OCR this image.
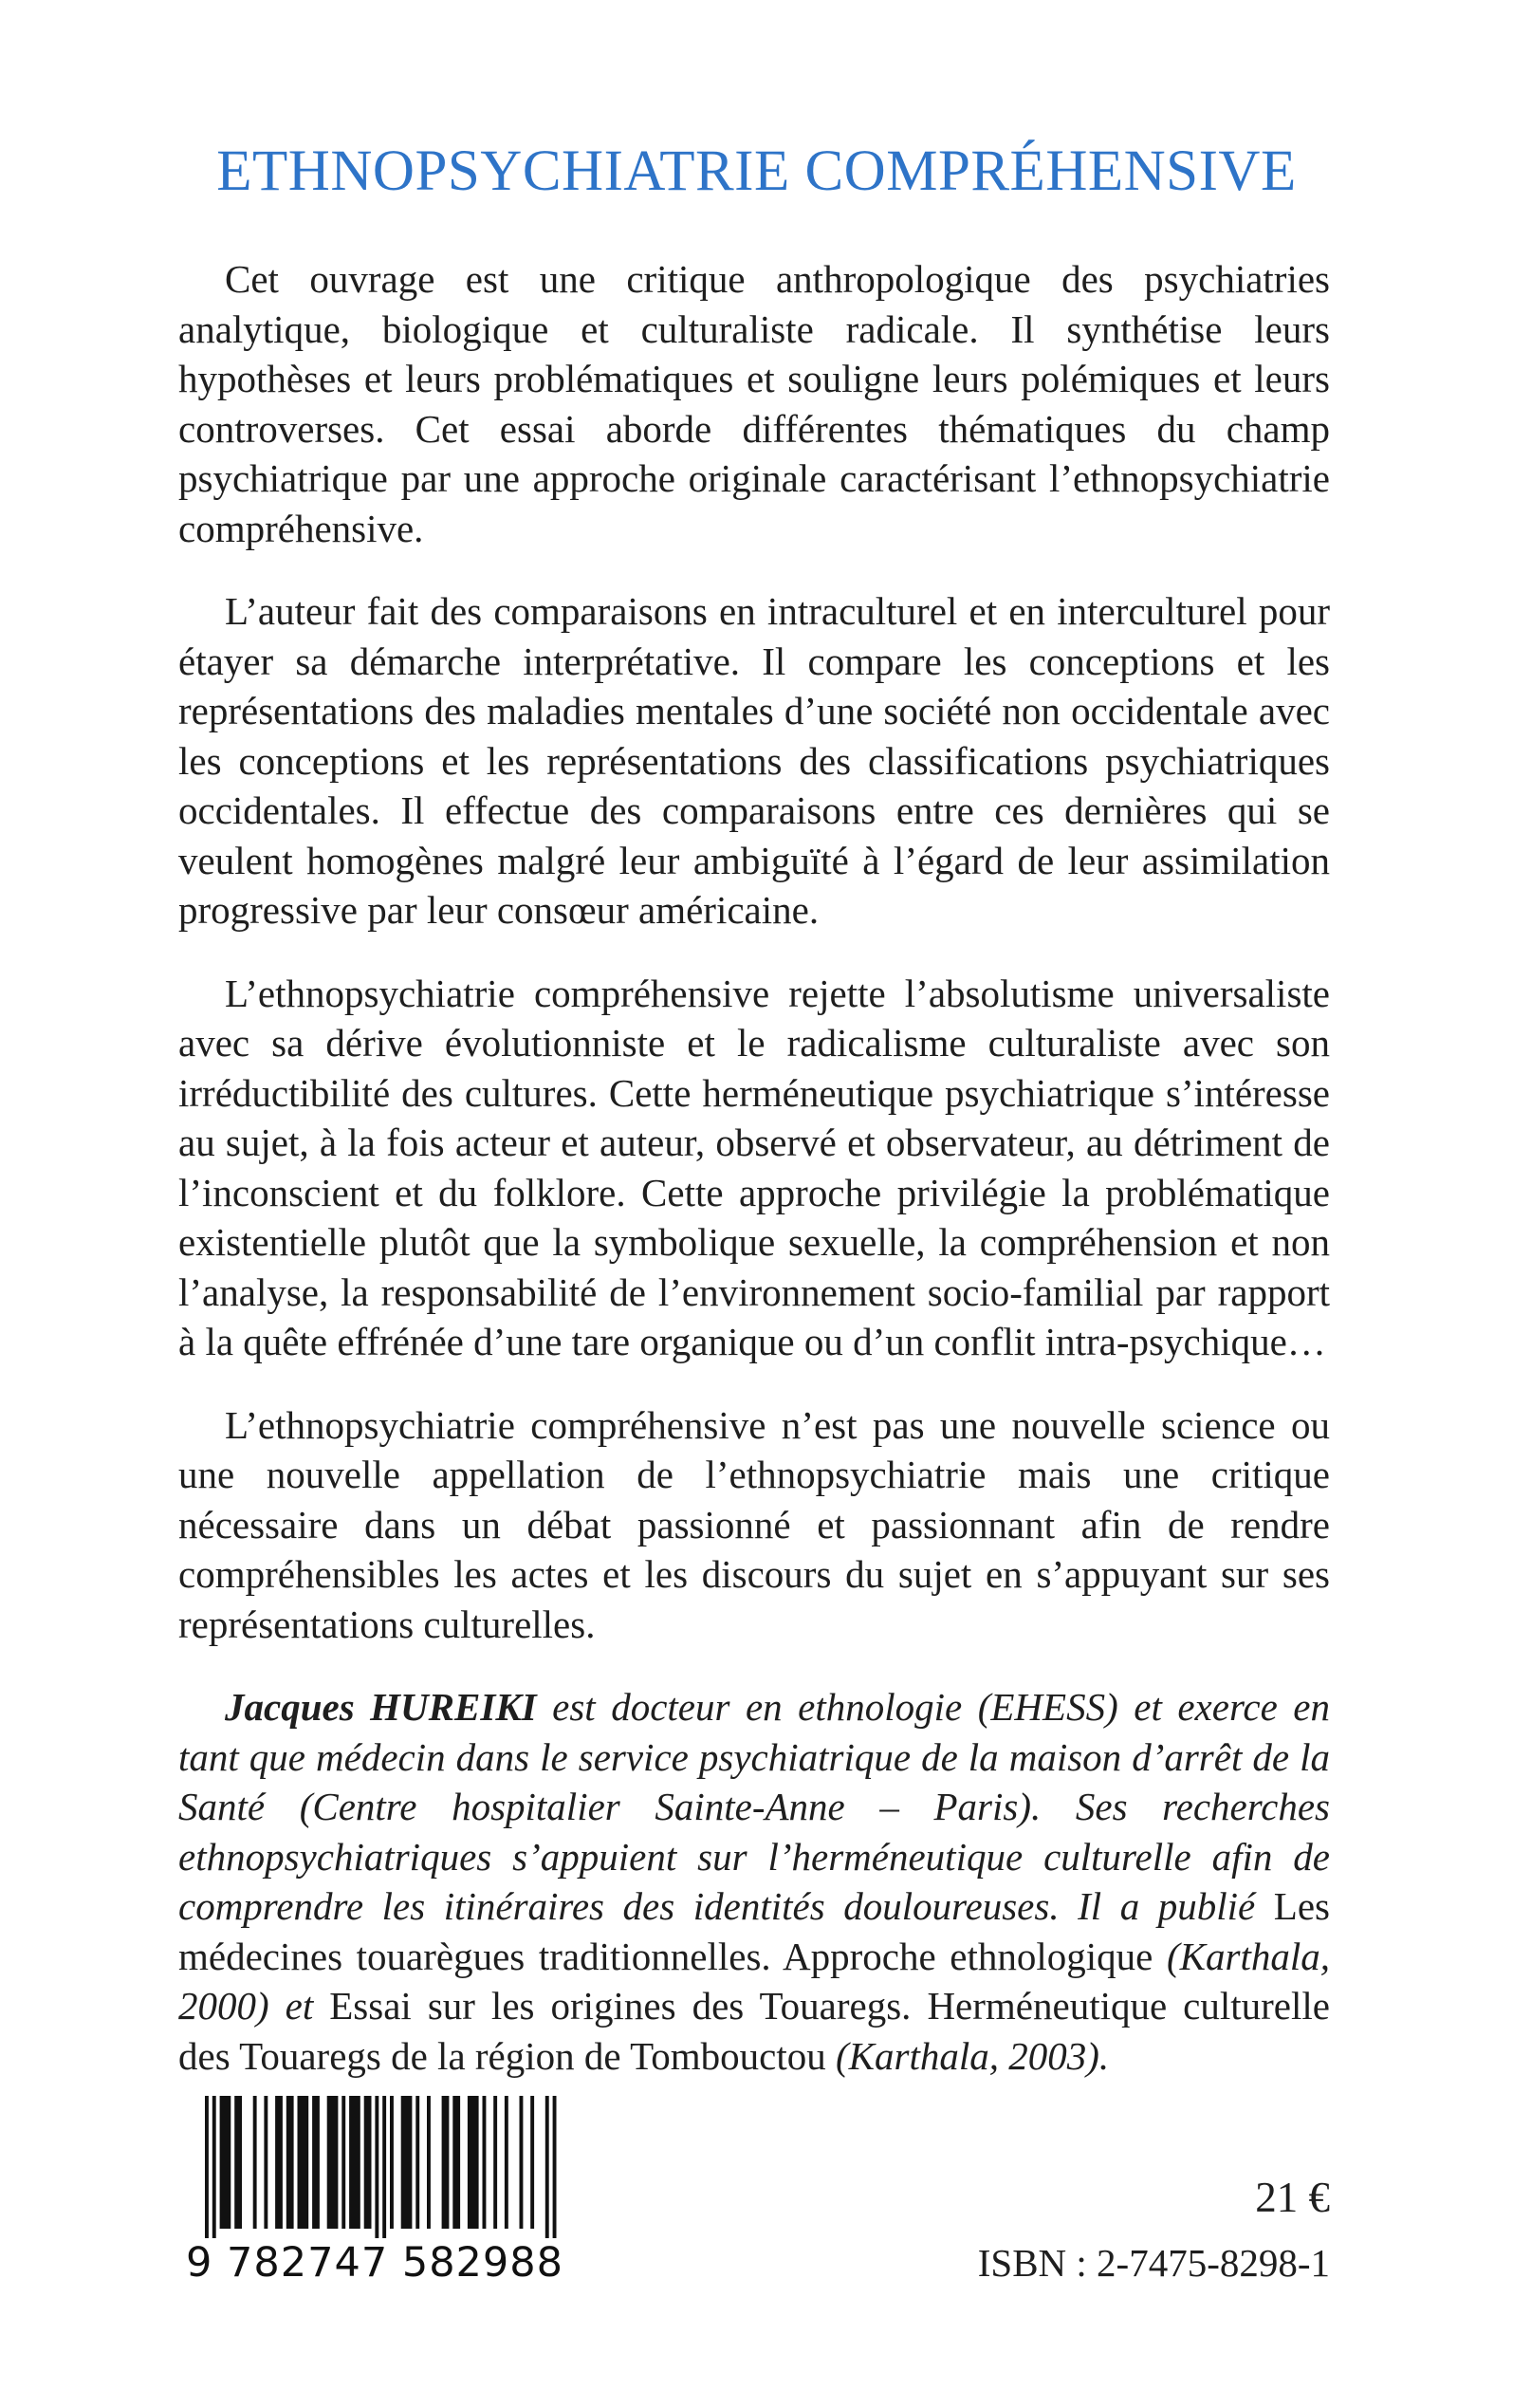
ETHNOPSYCHIATRIE COMPRÉHENSIVE

Cet ouvrage est une critique anthropologique des psychiatries analytique, biologique et culturaliste radicale. Il synthétise leurs hypothèses et leurs problématiques et souligne leurs polémiques et leurs controverses. Cet essai aborde différentes thématiques du champ psychiatrique par une approche originale caractérisant l’ethnopsychiatrie compréhensive.

L’auteur fait des comparaisons en intraculturel et en interculturel pour étayer sa démarche interprétative. Il compare les conceptions et les représentations des maladies mentales d’une société non occidentale avec les conceptions et les représentations des classifications psychiatriques occidentales. Il effectue des comparaisons entre ces dernières qui se veulent homogènes malgré leur ambiguïté à l’égard de leur assimilation progressive par leur consœur américaine.

L’ethnopsychiatrie compréhensive rejette l’absolutisme universaliste avec sa dérive évolutionniste et le radicalisme culturaliste avec son irréductibilité des cultures. Cette herméneutique psychiatrique s’intéresse au sujet, à la fois acteur et auteur, observé et observateur, au détriment de l’inconscient et du folklore. Cette approche privilégie la problématique existentielle plutôt que la symbolique sexuelle, la compréhension et non l’analyse, la responsabilité de l’environnement socio-familial par rapport à la quête effrénée d’une tare organique ou d’un conflit intra-psychique…

L’ethnopsychiatrie compréhensive n’est pas une nouvelle science ou une nouvelle appellation de l’ethnopsychiatrie mais une critique nécessaire dans un débat passionné et passionnant afin de rendre compréhensibles les actes et les discours du sujet en s’appuyant sur ses représentations culturelles.

Jacques HUREIKI est docteur en ethnologie (EHESS) et exerce en tant que médecin dans le service psychiatrique de la maison d’arrêt de la Santé (Centre hospitalier Sainte-Anne – Paris). Ses recherches ethnopsychiatriques s’appuient sur l’herméneutique culturelle afin de comprendre les itinéraires des identités douloureuses. Il a publié Les médecines touarègues traditionnelles. Approche ethnologique (Karthala, 2000) et Essai sur les origines des Touaregs. Herméneutique culturelle des Touaregs de la région de Tombouctou (Karthala, 2003).

9 782747 582988
21 €
ISBN : 2-7475-8298-1
